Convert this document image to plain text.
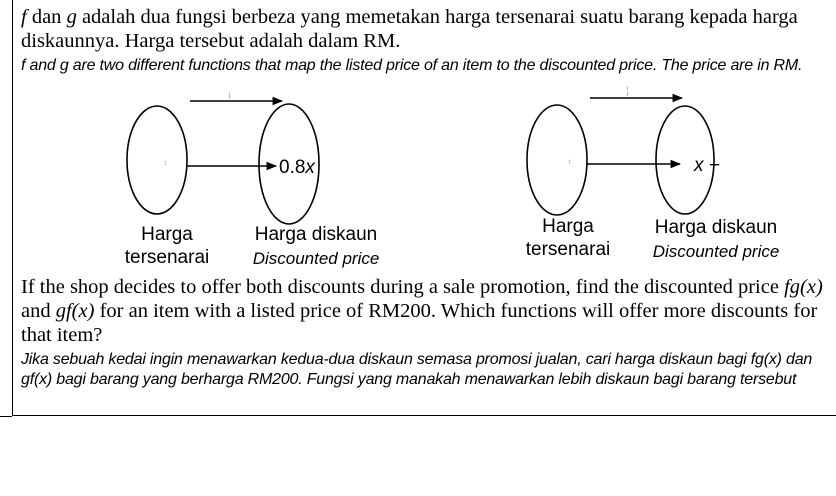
f dan g adalah dua fungsi berbeza yang memetakan harga tersenarai suatu barang kepada harga diskaunnya. Harga tersebut adalah dalam RM.

f and g are two different functions that map the listed price of an item to the discounted price. The price are in RM.

¡
¹	0.8x
Harga
tersenarai
Harga diskaun
Discounted price
¦
¹	x −
Harga
tersenarai
Harga diskaun
Discounted price

If the shop decides to offer both discounts during a sale promotion, find the discounted price fg(x) and gf(x) for an item with a listed price of RM200. Which functions will offer more discounts for that item?

Jika sebuah kedai ingin menawarkan kedua-dua diskaun semasa promosi jualan, cari harga diskaun bagi fg(x) dan gf(x) bagi barang yang berharga RM200. Fungsi yang manakah menawarkan lebih diskaun bagi barang tersebut
